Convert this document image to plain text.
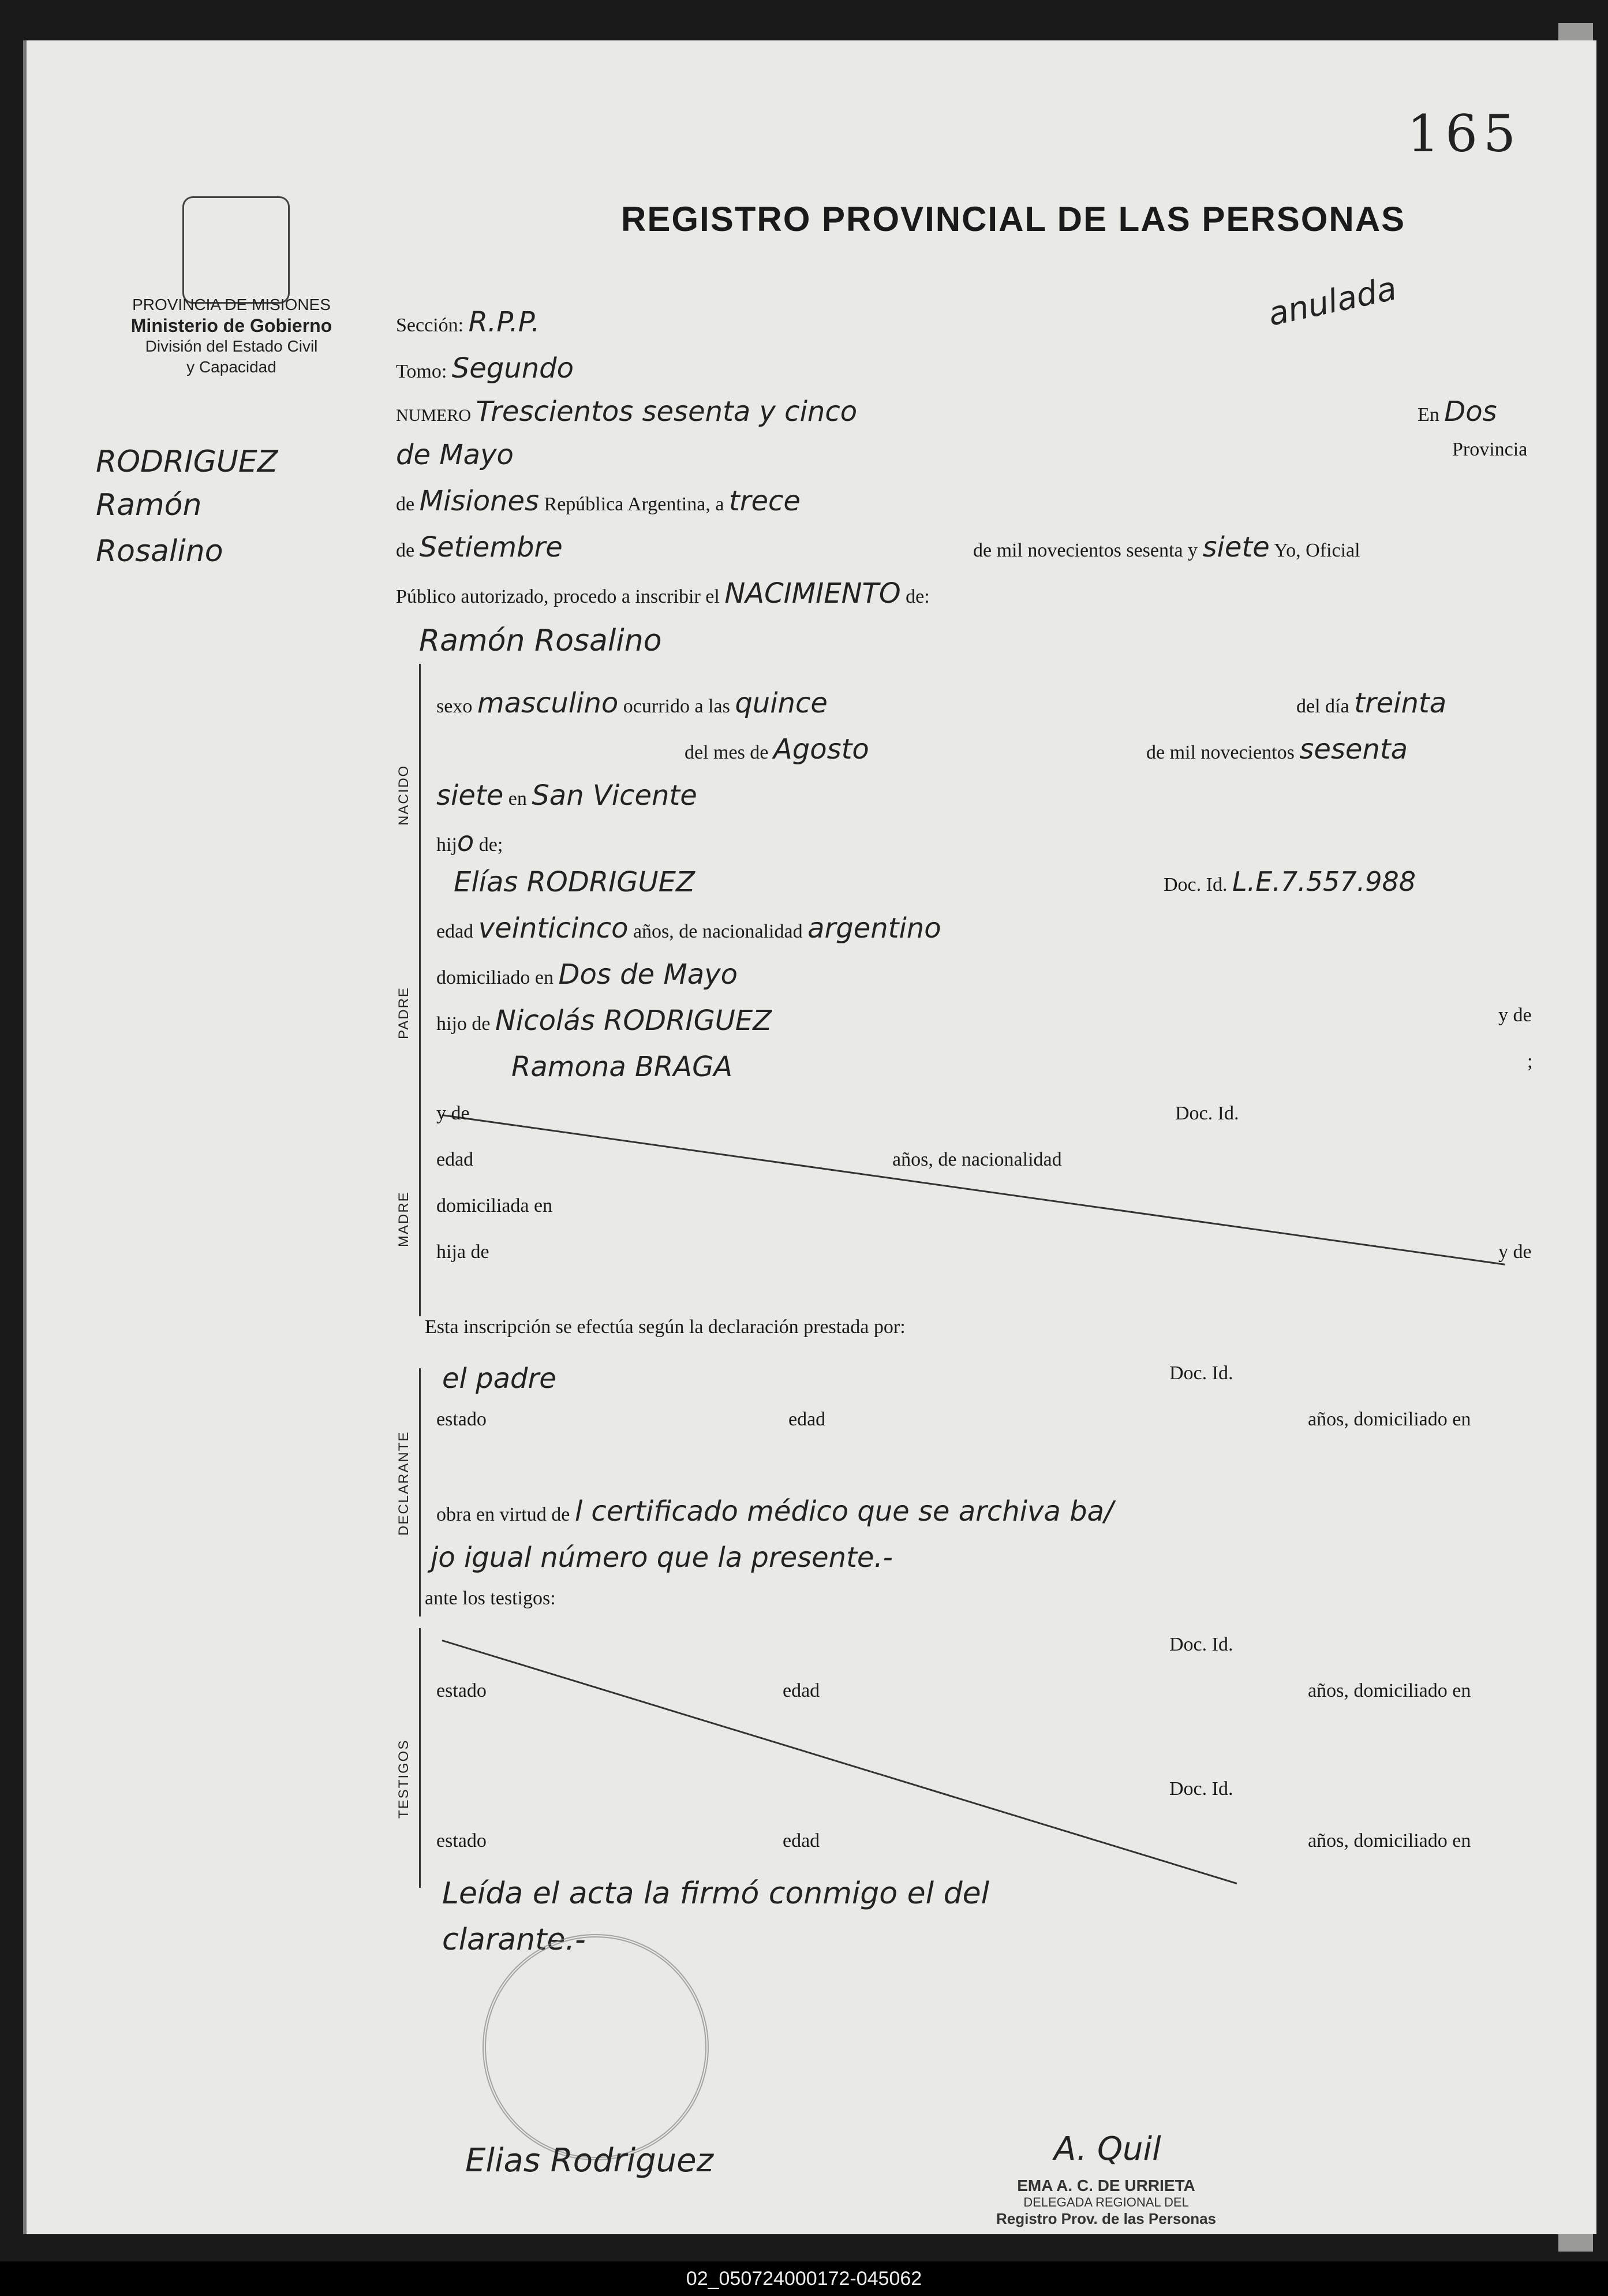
165
REGISTRO PROVINCIAL DE LAS PERSONAS
PROVINCIA DE MISIONES
Ministerio de Gobierno
División del Estado Civil
y Capacidad
RODRIGUEZ
Ramón
Rosalino
anulada
Sección: R.P.P.
Tomo: Segundo
NUMERO Trescientos sesenta y cinco	En Dos
de Mayo	Provincia
de Misiones República Argentina, a trece
de Setiembre	de mil novecientos sesenta y siete Yo, Oficial
Público autorizado, procedo a inscribir el NACIMIENTO de:
Ramón Rosalino
NACIDO
sexo masculino ocurrido a las quince	del día treinta
del mes de Agosto	de mil novecientos sesenta
siete en San Vicente
hijo de;
PADRE
Elías RODRIGUEZ	Doc. Id. L.E.7.557.988
edad veinticinco años, de nacionalidad argentino
domiciliado en Dos de Mayo
hijo de Nicolás RODRIGUEZ	y de
Ramona BRAGA	;
MADRE
y de	Doc. Id.
edad	años, de nacionalidad
domiciliada en
hija de	y de
Esta inscripción se efectúa según la declaración prestada por:
DECLARANTE
el padre	Doc. Id.
estado	edad	años, domiciliado en
obra en virtud de l certificado médico que se archiva ba/
jo igual número que la presente.-
ante los testigos:
TESTIGOS
Doc. Id.
estado	edad	años, domiciliado en
Doc. Id.
estado	edad	años, domiciliado en
Leída el acta la firmó conmigo el del
clarante.-
Elias Rodriguez	A. Quil
EMA A. C. DE URRIETA
DELEGADA REGIONAL DEL
Registro Prov. de las Personas
02_050724000172-045062
